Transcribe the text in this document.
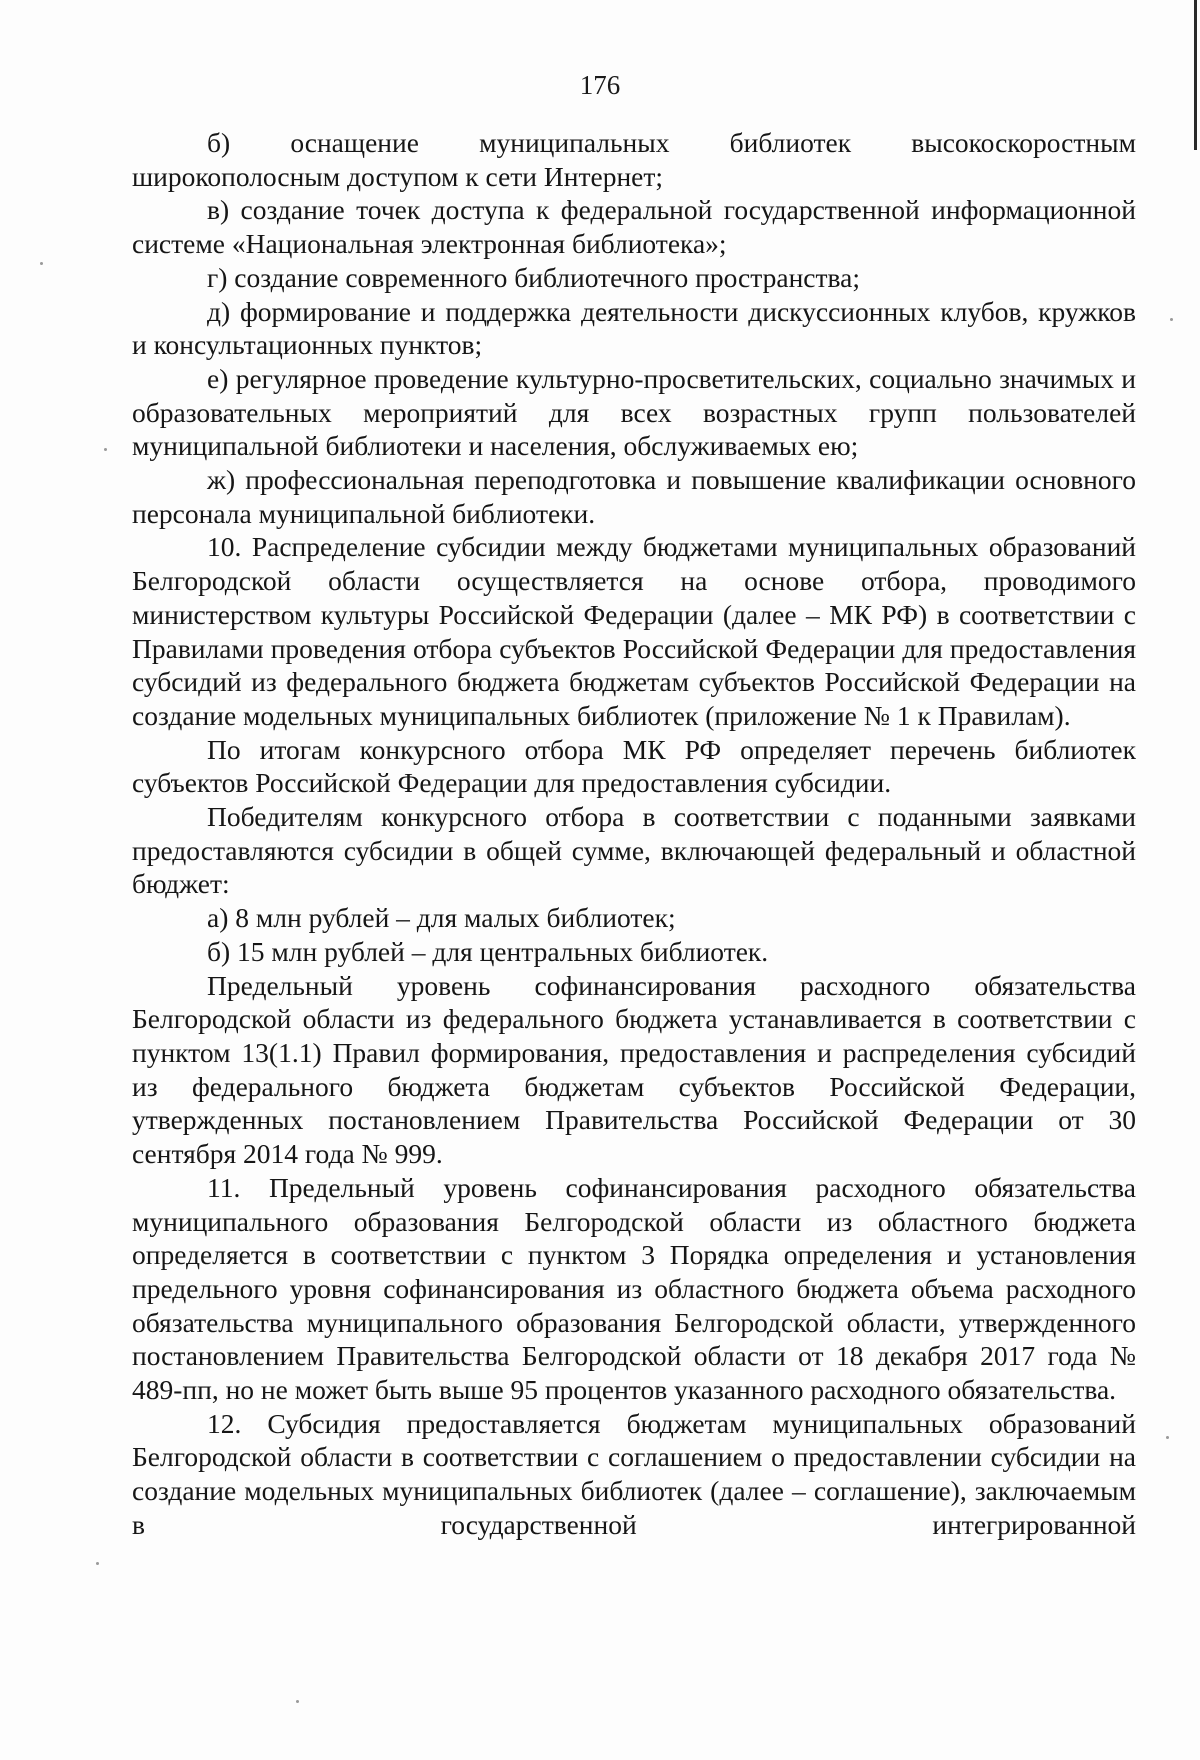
176

б) оснащение муниципальных библиотек высокоскоростным широкополосным доступом к сети Интернет;

в) создание точек доступа к федеральной государственной информационной системе «Национальная электронная библиотека»;

г) создание современного библиотечного пространства;

д) формирование и поддержка деятельности дискуссионных клубов, кружков и консультационных пунктов;

е) регулярное проведение культурно-просветительских, социально значимых и образовательных мероприятий для всех возрастных групп пользователей муниципальной библиотеки и населения, обслуживаемых ею;

ж) профессиональная переподготовка и повышение квалификации основного персонала муниципальной библиотеки.

10. Распределение субсидии между бюджетами муниципальных образований Белгородской области осуществляется на основе отбора, проводимого министерством культуры Российской Федерации (далее – МК РФ) в соответствии с Правилами проведения отбора субъектов Российской Федерации для предоставления субсидий из федерального бюджета бюджетам субъектов Российской Федерации на создание модельных муниципальных библиотек (приложение № 1 к Правилам).

По итогам конкурсного отбора МК РФ определяет перечень библиотек субъектов Российской Федерации для предоставления субсидии.

Победителям конкурсного отбора в соответствии с поданными заявками предоставляются субсидии в общей сумме, включающей федеральный и областной бюджет:

а) 8 млн рублей – для малых библиотек;

б) 15 млн рублей – для центральных библиотек.

Предельный уровень софинансирования расходного обязательства Белгородской области из федерального бюджета устанавливается в соответствии с пунктом 13(1.1) Правил формирования, предоставления и распределения субсидий из федерального бюджета бюджетам субъектов Российской Федерации, утвержденных постановлением Правительства Российской Федерации от 30 сентября 2014 года № 999.

11. Предельный уровень софинансирования расходного обязательства муниципального образования Белгородской области из областного бюджета определяется в соответствии с пунктом 3 Порядка определения и установления предельного уровня софинансирования из областного бюджета объема расходного обязательства муниципального образования Белгородской области, утвержденного постановлением Правительства Белгородской области от 18 декабря 2017 года № 489-пп, но не может быть выше 95 процентов указанного расходного обязательства.

12. Субсидия предоставляется бюджетам муниципальных образований Белгородской области в соответствии с соглашением о предоставлении субсидии на создание модельных муниципальных библиотек (далее – соглашение), заключаемым в государственной интегрированной
